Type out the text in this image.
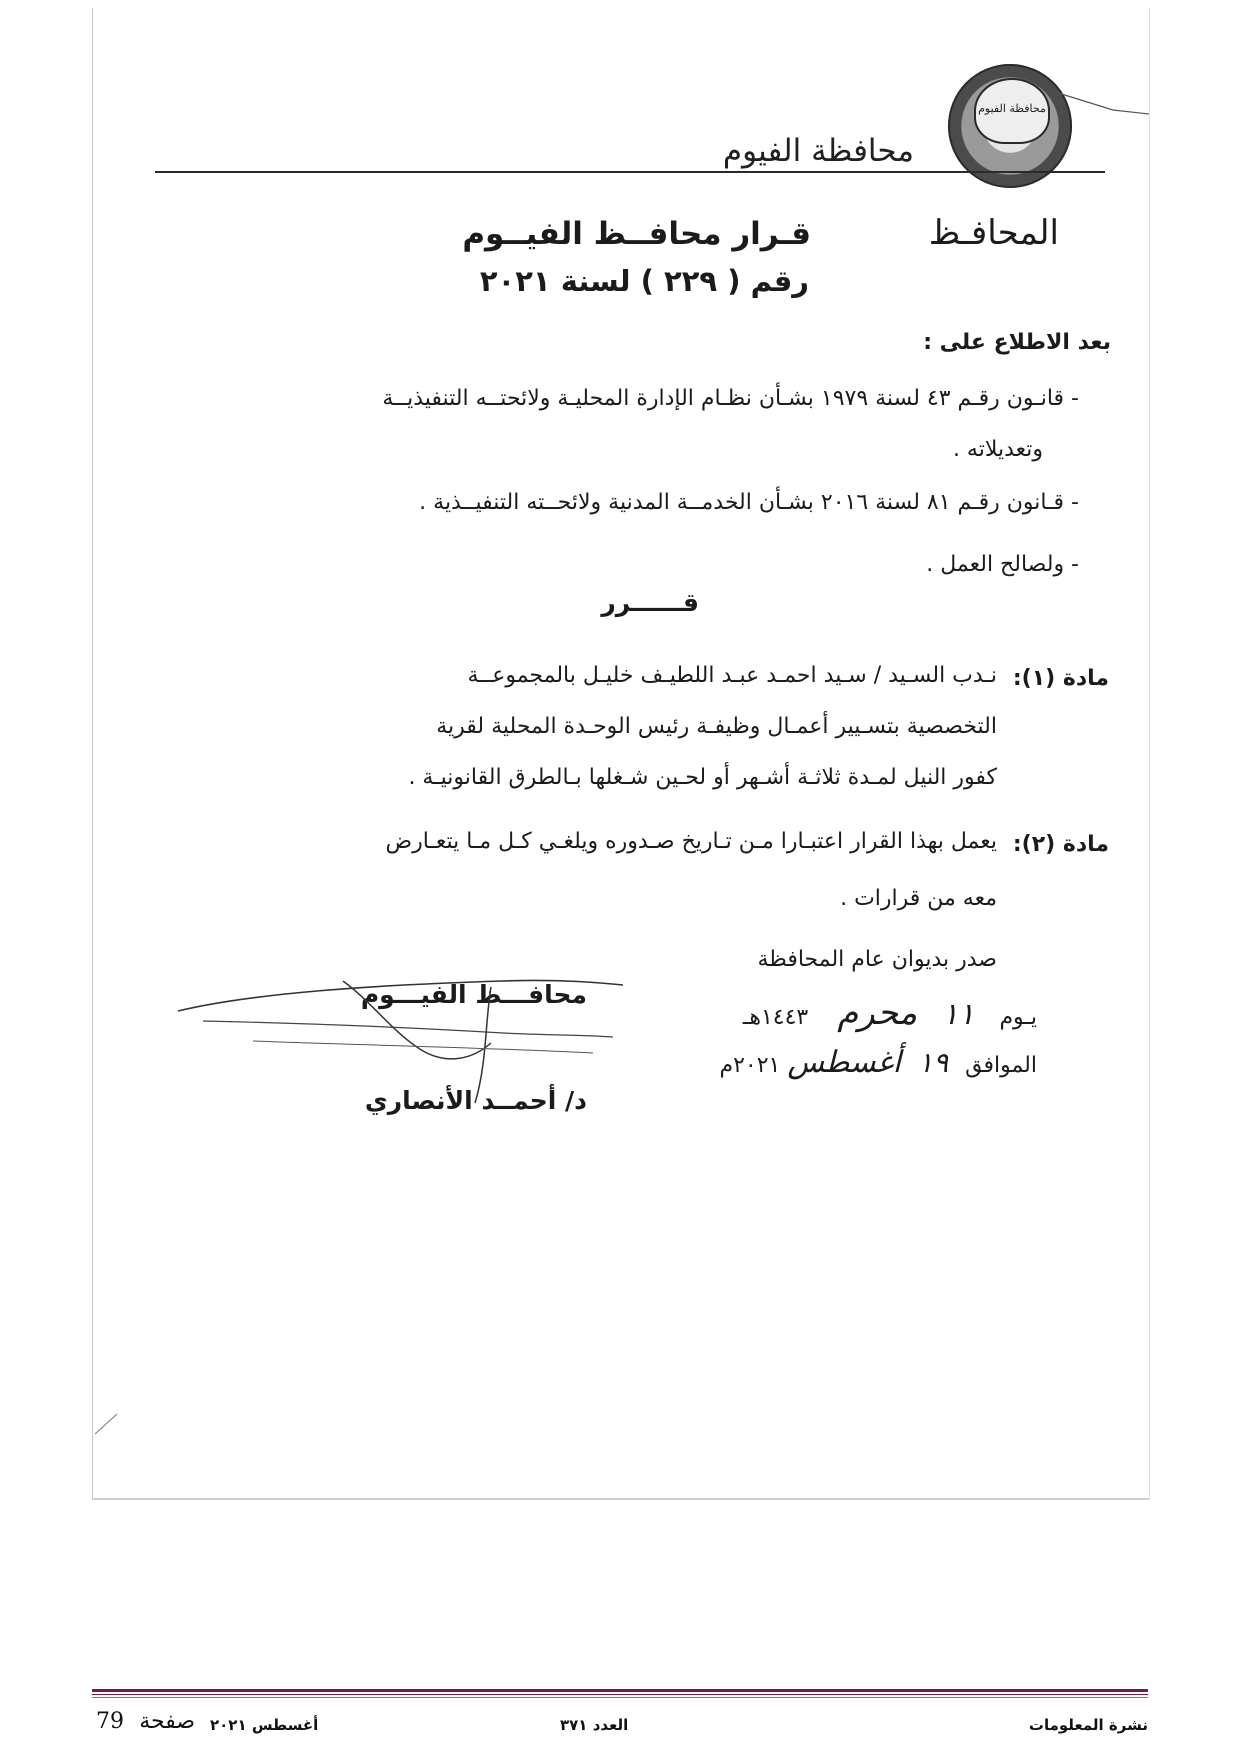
محافظة الفيوم
محافظة الفيوم
المحافـظ
قـرار محافــظ الفيــوم
رقم ( ٢٢٩ ) لسنة ٢٠٢١
بعد الاطلاع على :
- قانـون رقـم ٤٣ لسنة ١٩٧٩ بشـأن نظـام الإدارة المحليـة ولائحتــه التنفيذيــة
وتعديلاته .
- قـانون رقـم ٨١ لسنة ٢٠١٦ بشـأن الخدمــة المدنية ولائحــته التنفيــذية .
- ولصالح العمل .
قــــــرر
مادة (١):
نـدب السـيد / سـيد احمـد عبـد اللطيـف خليـل بالمجموعــة
التخصصية بتسـيير أعمـال وظيفـة رئيس الوحـدة المحلية لقرية
كفور النيل لمـدة ثلاثـة أشـهر أو لحـين شـغلها بـالطرق القانونيـة .
مادة (٢):
يعمل بهذا القرار اعتبـارا مـن تـاريخ صـدوره ويلغـي كـل مـا يتعـارض
معه من قرارات .
صدر بديوان عام المحافظة
يـوم ١١ محرم ١٤٤٣هـ
الموافق ١٩ أغسطس ٢٠٢١م
محافـــظ الفيـــوم
د/ أحمــد الأنصاري
نشرة المعلومات
العدد ٣٧١
أغسطس ٢٠٢١
79 صفحة
